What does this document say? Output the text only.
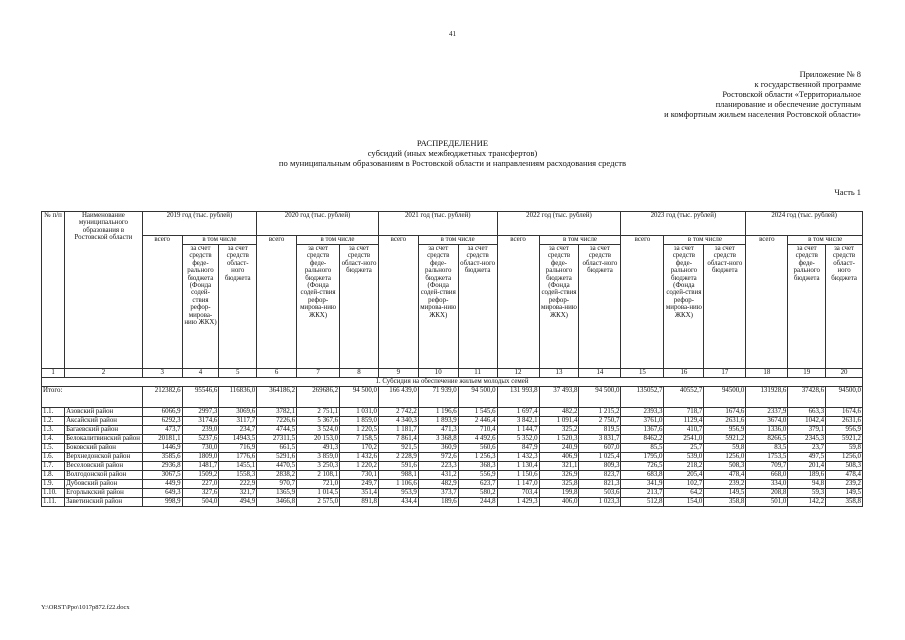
41
Приложение № 8
к государственной программе
Ростовской области «Территориальное
планирование и обеспечение доступным
и комфортным жильем населения Ростовской области»
РАСПРЕДЕЛЕНИЕ
субсидий (иных межбюджетных трансфертов)
по муниципальным образованиям в Ростовской области и направлениям расходования средств
Часть 1
№ п/п	Наименование муниципального образования в Ростовской области	2019 год (тыс. рублей)			2020 год (тыс. рублей)			2021 год (тыс. рублей)			2022 год (тыс. рублей)			2023 год (тыс. рублей)			2024 год (тыс. рублей)		
		всего	в том числе		всего	в том числе		всего	в том числе		всего	в том числе		всего	в том числе		всего	в том числе	
			за счет средств феде-рального бюджета (Фонда содей-ствия рефор-мирова-нию ЖКХ)	за счет средств област-ного бюджета		за счет средств феде-рального бюджета (Фонда содей-ствия рефор-мирова-нию ЖКХ)	за счет средств област-ного бюджета		за счет средств феде-рального бюджета (Фонда содей-ствия рефор-мирова-нию ЖКХ)	за счет средств област-ного бюджета		за счет средств феде-рального бюджета (Фонда содей-ствия рефор-мирова-нию ЖКХ)	за счет средств област-ного бюджета		за счет средств феде-рального бюджета (Фонда содей-ствия рефор-мирова-нию ЖКХ)	за счет средств област-ного бюджета		за счет средств феде-рального бюджета	за счет средств област-ного бюджета
1	2	3	4	5	6	7	8	9	10	11	12	13	14	15	16	17	18	19	20
1. Субсидия на обеспечение жильем молодых семей																			
Итого:		212382,6	95546,6	116836,0	364186,2	269686,2	94 500,0	166 439,0	71 939,0	94 500,0	131 993,8	37 493,8	94 500,0	135052,7	40552,7	94500,0	131928,6	37428,6	94500,0
1.1.	Азовский район	6066,9	2997,3	3069,6	3782,1	2 751,1	1 031,0	2 742,2	1 196,6	1 545,6	1 697,4	482,2	1 215,2	2393,3	718,7	1674,6	2337,9	663,3	1674,6
1.2.	Аксайский район	6292,3	3174,6	3117,7	7226,6	5 367,6	1 859,0	4 340,3	1 893,9	2 446,4	3 842,1	1 091,4	2 750,7	3761,0	1129,4	2631,6	3674,0	1042,4	2631,6
1.3.	Багаевский район	473,7	239,0	234,7	4744,5	3 524,0	1 220,5	1 181,7	471,3	710,4	1 144,7	325,2	819,5	1367,6	410,7	956,9	1336,0	379,1	956,9
1.4.	Белокалитвинский район	20181,1	5237,6	14943,5	27311,5	20 153,0	7 158,5	7 861,4	3 368,8	4 492,6	5 352,0	1 520,3	3 831,7	8462,2	2541,0	5921,2	8266,5	2345,3	5921,2
1.5.	Боковский район	1446,9	730,0	716,9	661,5	491,3	170,2	921,5	360,9	560,6	847,9	240,9	607,0	85,5	25,7	59,8	83,5	23,7	59,8
1.6.	Верхнедонской район	3585,6	1809,0	1776,6	5291,6	3 859,0	1 432,6	2 228,9	972,6	1 256,3	1 432,3	406,9	1 025,4	1795,0	539,0	1256,0	1753,5	497,5	1256,0
1.7.	Веселовский район	2936,8	1481,7	1455,1	4470,5	3 250,3	1 220,2	591,6	223,3	368,3	1 130,4	321,1	809,3	726,5	218,2	508,3	709,7	201,4	508,3
1.8.	Волгодонской район	3067,5	1509,2	1558,3	2838,2	2 108,1	730,1	988,1	431,2	556,9	1 150,6	326,9	823,7	683,8	205,4	478,4	668,0	189,6	478,4
1.9.	Дубовский район	449,9	227,0	222,9	970,7	721,0	249,7	1 106,6	482,9	623,7	1 147,0	325,8	821,3	341,9	102,7	239,2	334,0	94,8	239,2
1.10.	Егорлыкский район	649,3	327,6	321,7	1365,9	1 014,5	351,4	953,9	373,7	580,2	703,4	199,8	503,6	213,7	64,2	149,5	208,8	59,3	149,5
1.11.	Заветинский район	998,9	504,0	494,9	3466,8	2 575,0	891,8	434,4	189,6	244,8	1 429,3	406,0	1 023,3	512,8	154,0	358,8	501,0	142,2	358,8
Y:\ORST\Ppo\1017p872.f22.docx
